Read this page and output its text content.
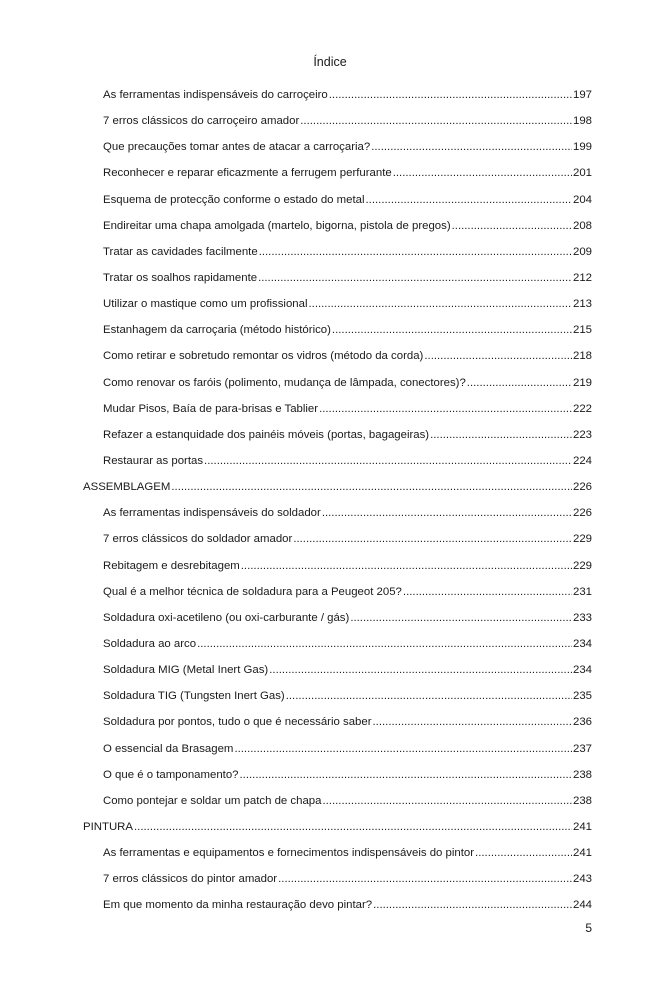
Índice
As ferramentas indispensáveis do carroçeiro .....	197
7 erros clássicos do carroçeiro amador .....	198
Que precauções tomar antes de atacar a carroçaria? .....	199
Reconhecer e reparar eficazmente a ferrugem perfurante .....	201
Esquema de protecção conforme o estado do metal .....	204
Endireitar uma chapa amolgada (martelo, bigorna, pistola de pregos) .....	208
Tratar as cavidades facilmente .....	209
Tratar os soalhos rapidamente .....	212
Utilizar o mastique como um profissional .....	213
Estanhagem da carroçaria (método histórico) .....	215
Como retirar e sobretudo remontar os vidros (método da corda) .....	218
Como renovar os faróis (polimento, mudança de lâmpada, conectores)? .....	219
Mudar Pisos, Baía de para-brisas e Tablier .....	222
Refazer a estanquidade dos painéis móveis (portas, bagageiras) .....	223
Restaurar as portas .....	224
ASSEMBLAGEM .....	226
As ferramentas indispensáveis do soldador .....	226
7 erros clássicos do soldador amador .....	229
Rebitagem e desrebitagem .....	229
Qual é a melhor técnica de soldadura para a Peugeot 205? .....	231
Soldadura oxi-acetileno (ou oxi-carburante / gás) .....	233
Soldadura ao arco .....	234
Soldadura MIG (Metal Inert Gas) .....	234
Soldadura TIG (Tungsten Inert Gas) .....	235
Soldadura por pontos, tudo o que é necessário saber .....	236
O essencial da Brasagem .....	237
O que é o tamponamento? .....	238
Como pontejar e soldar um patch de chapa .....	238
PINTURA .....	241
As ferramentas e equipamentos e fornecimentos indispensáveis do pintor .....	241
7 erros clássicos do pintor amador .....	243
Em que momento da minha restauração devo pintar? .....	244
5
